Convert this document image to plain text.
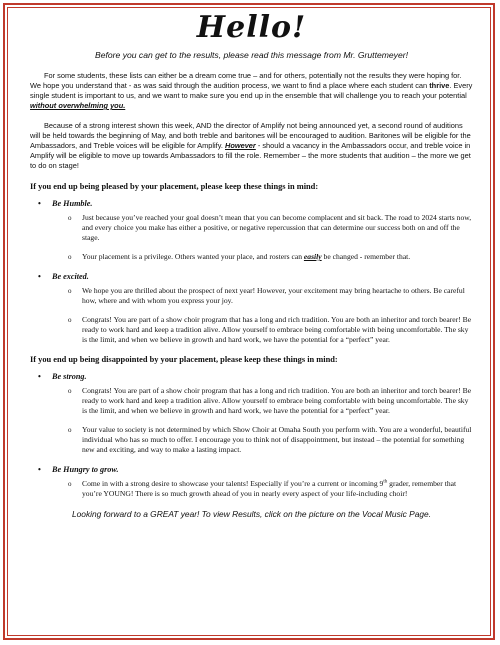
Hello!

Before you can get to the results, please read this message from Mr. Gruttemeyer!

For some students, these lists can either be a dream come true – and for others, potentially not the results they were hoping for. We hope you understand that - as was said through the audition process, we want to find a place where each student can thrive. Every single student is important to us, and we want to make sure you end up in the ensemble that will challenge you to reach your potential without overwhelming you.

Because of a strong interest shown this week, AND the director of Amplify not being announced yet, a second round of auditions will be held towards the beginning of May, and both treble and baritones will be encouraged to audition. Baritones will be eligible for the Ambassadors, and Treble voices will be eligible for Amplify. However - should a vacancy in the Ambassadors occur, and treble voice in Amplify will be eligible to move up towards Ambassadors to fill the role. Remember – the more students that audition – the more we get to do on stage!

If you end up being pleased by your placement, please keep these things in mind:

• Be Humble.

o Just because you’ve reached your goal doesn’t mean that you can become complacent and sit back. The road to 2024 starts now, and every choice you make has either a positive, or negative repercussion that can determine our success both on and off the stage.

o Your placement is a privilege. Others wanted your place, and rosters can easily be changed - remember that.

• Be excited.

o We hope you are thrilled about the prospect of next year! However, your excitement may bring heartache to others. Be careful how, where and with whom you express your joy.

o Congrats! You are part of a show choir program that has a long and rich tradition. You are both an inheritor and torch bearer! Be ready to work hard and keep a tradition alive. Allow yourself to embrace being comfortable with being uncomfortable. The sky is the limit, and when we believe in growth and hard work, we have the potential for a “perfect” year.

If you end up being disappointed by your placement, please keep these things in mind:

• Be strong.

o Congrats! You are part of a show choir program that has a long and rich tradition. You are both an inheritor and torch bearer! Be ready to work hard and keep a tradition alive. Allow yourself to embrace being comfortable with being uncomfortable. The sky is the limit, and when we believe in growth and hard work, we have the potential for a “perfect” year.

o Your value to society is not determined by which Show Choir at Omaha South you perform with. You are a wonderful, beautiful individual who has so much to offer. I encourage you to think not of disappointment, but instead – the potential for something new and exciting, and way to make a lasting impact.

• Be Hungry to grow.

o Come in with a strong desire to showcase your talents! Especially if you’re a current or incoming 9th grader, remember that you’re YOUNG! There is so much growth ahead of you in nearly every aspect of your life-including choir!

Looking forward to a GREAT year! To view Results, click on the picture on the Vocal Music Page.
